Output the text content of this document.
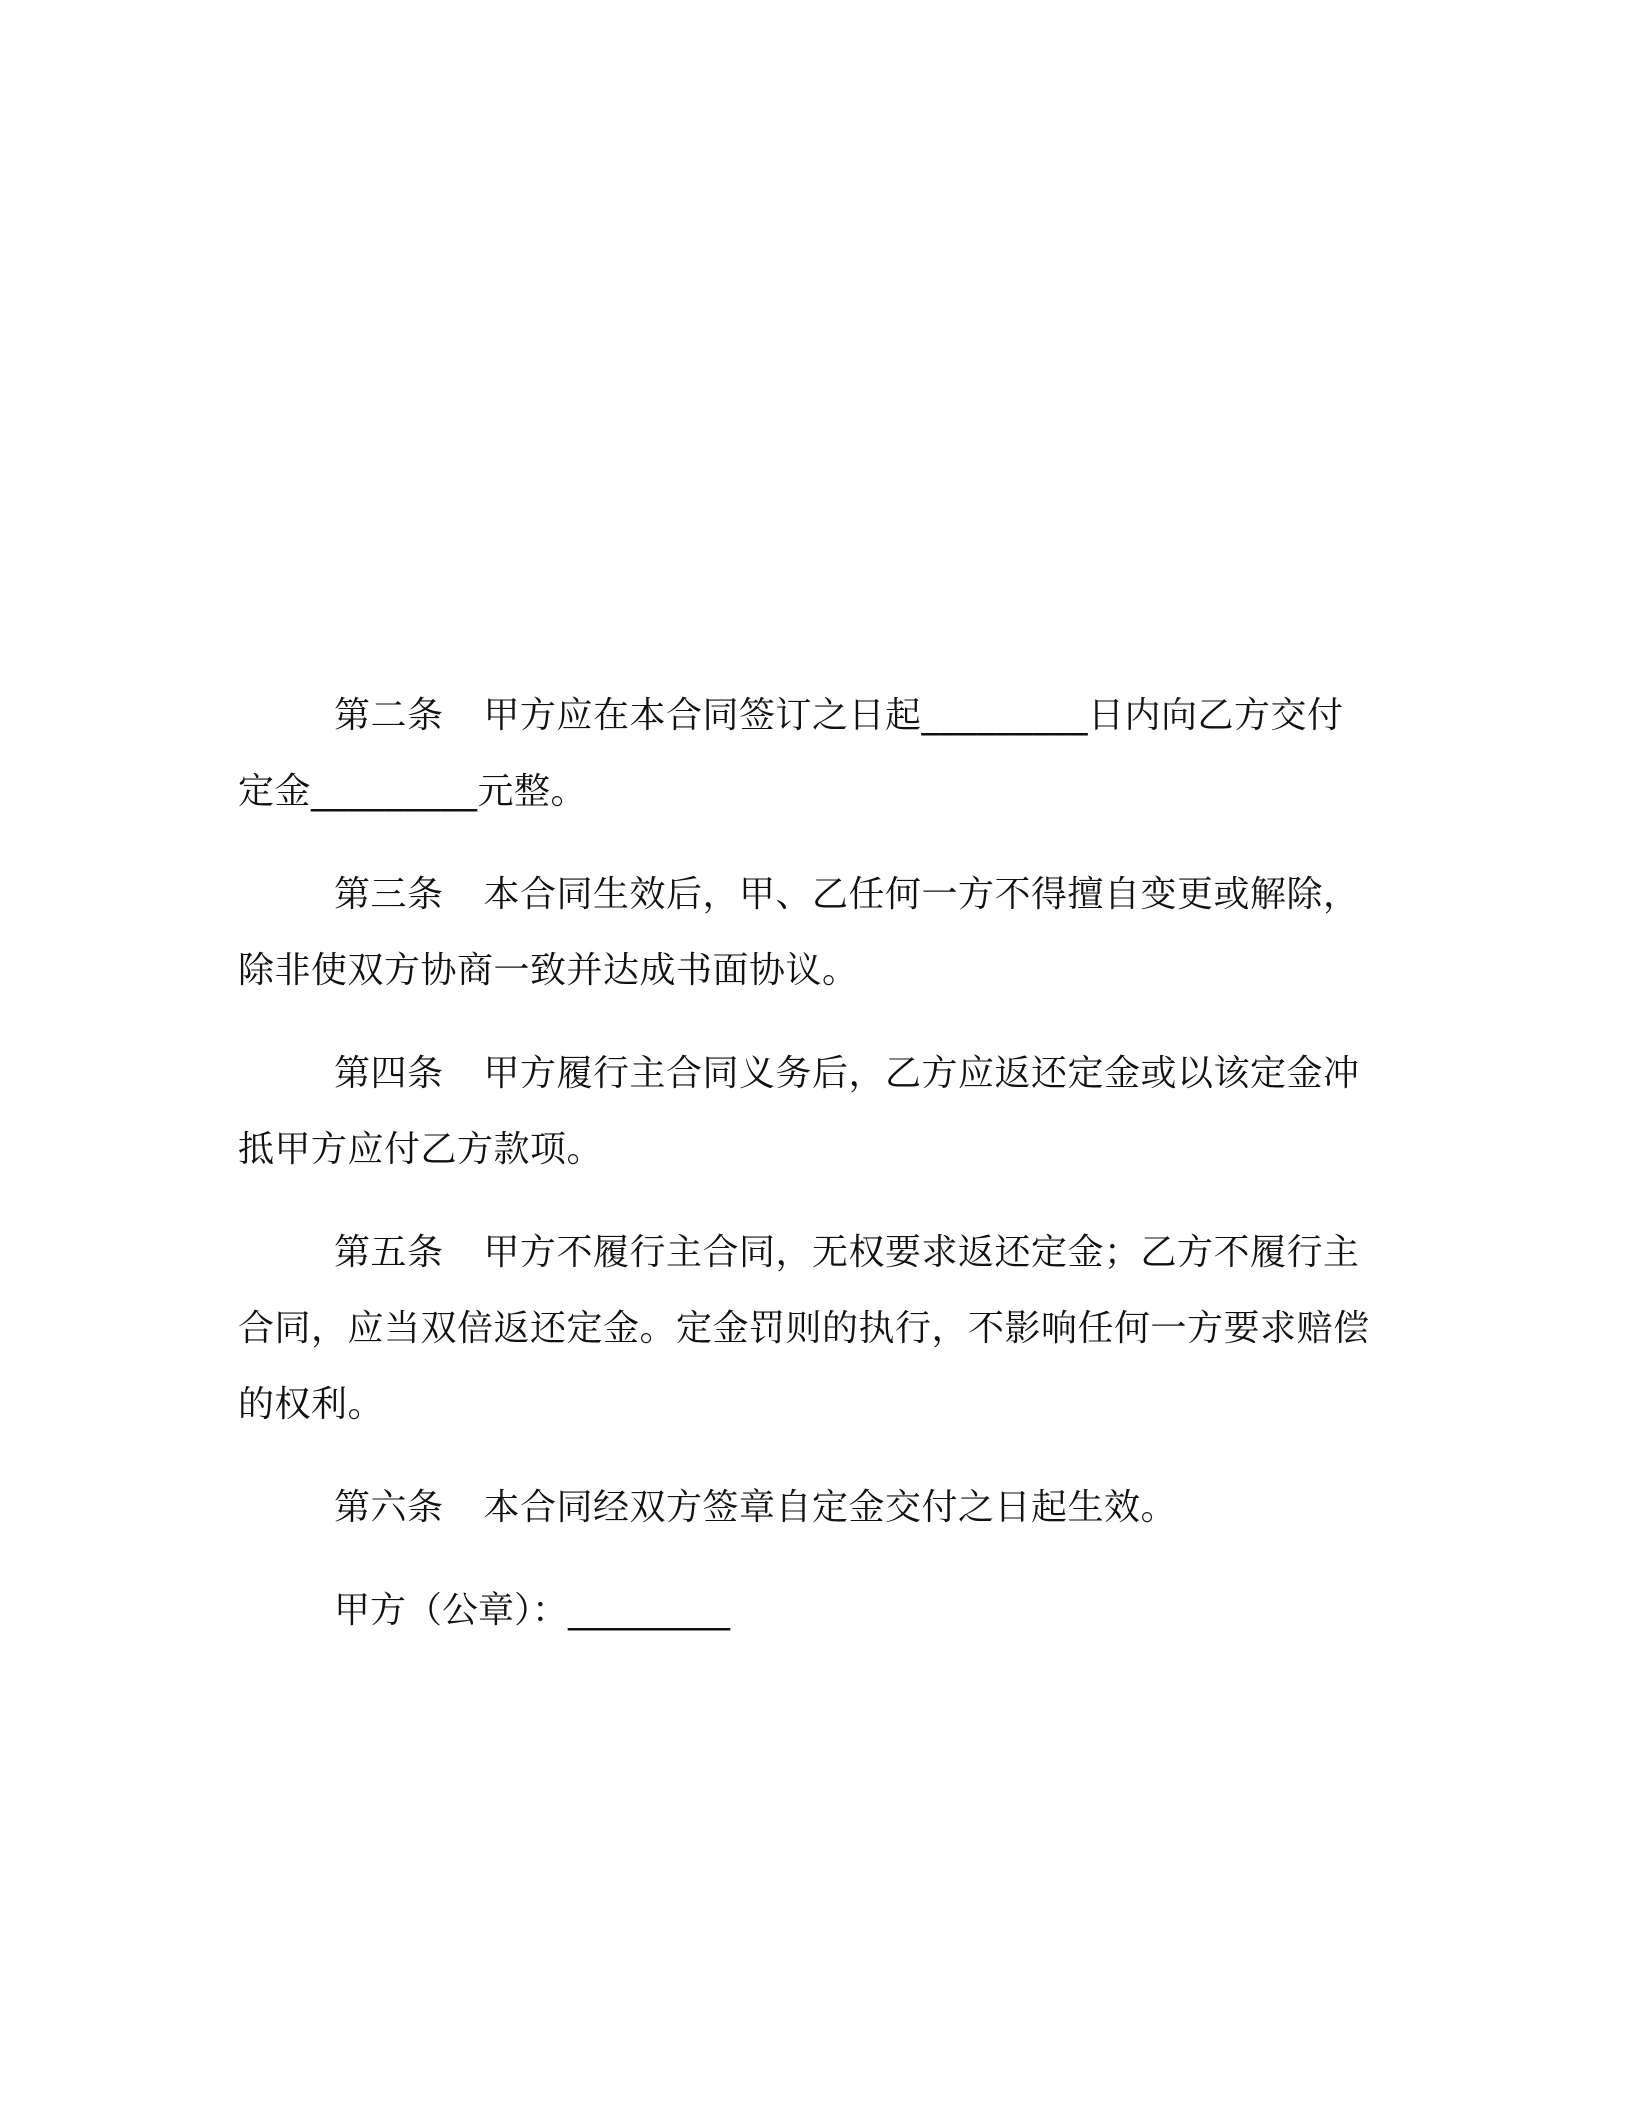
第二条 甲方应在本合同签订之日起_________日内向乙方交付定金_________元整。

第三条 本合同生效后，甲、乙任何一方不得擅自变更或解除，除非使双方协商一致并达成书面协议。

第四条 甲方履行主合同义务后，乙方应返还定金或以该定金冲抵甲方应付乙方款项。

第五条 甲方不履行主合同，无权要求返还定金；乙方不履行主合同，应当双倍返还定金。定金罚则的执行，不影响任何一方要求赔偿的权利。

第六条 本合同经双方签章自定金交付之日起生效。

甲方（公章）：_________
